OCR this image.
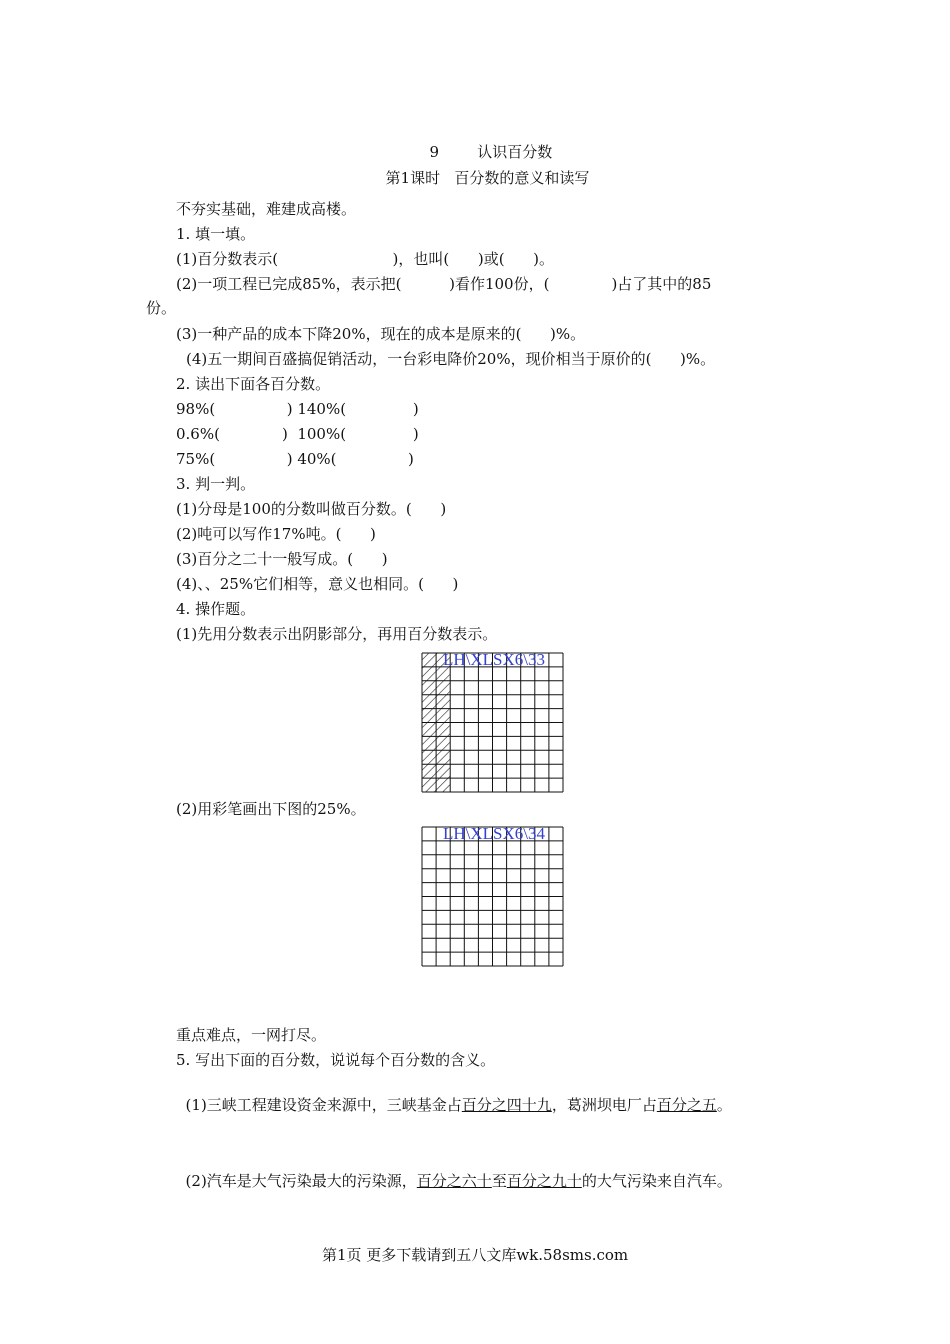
9	认识百分数

第1课时 百分数的意义和读写

不夯实基础，难建成高楼。
1. 填一填。
(1)百分数表示(                        )，也叫(      )或(      )。
(2)一项工程已完成85%，表示把(          )看作100份，(             )占了其中的85
份。
(3)一种产品的成本下降20%，现在的成本是原来的(      )%。
(4)五一期间百盛搞促销活动，一台彩电降价20%，现价相当于原价的(      )%。
2. 读出下面各百分数。
98%(               ) 140%(              )
0.6%(             )  100%(              )
75%(               ) 40%(               )
3. 判一判。
(1)分母是100的分数叫做百分数。(      )
(2)吨可以写作17%吨。(      )
(3)百分之二十一般写成。(      )
(4)、、25%它们相等，意义也相同。(      )
4. 操作题。
(1)先用分数表示出阴影部分，再用百分数表示。
LH\XLSX6\33
(2)用彩笔画出下图的25%。
LH\XLSX6\34
重点难点，一网打尽。
5. 写出下面的百分数，说说每个百分数的含义。

(1)三峡工程建设资金来源中，三峡基金占百分之四十九，葛洲坝电厂占百分之五。

(2)汽车是大气污染最大的污染源，百分之六十至百分之九十的大气污染来自汽车。

第1页 更多下载请到五八文库wk.58sms.com
